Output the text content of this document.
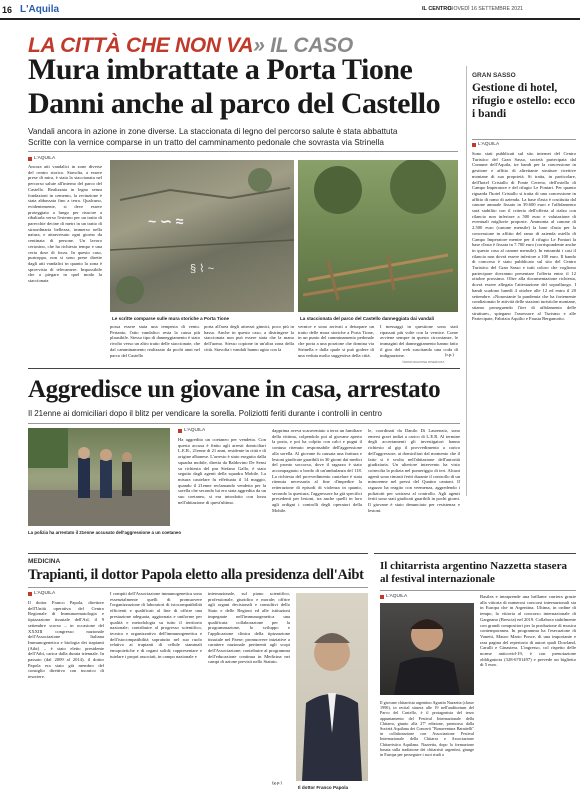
16 L'Aquila	IL CENTRO
GIOVEDÌ 16 SETTEMBRE 2021
LA CITTÀ CHE NON VA» IL CASO
Mura imbrattate a Porta Tione
Danni anche al parco del Castello
Vandali ancora in azione in zone diverse. La staccionata di legno del percorso salute è stata abbattuta
Scritte con la vernice comparse in un tratto del camminamento pedonale che sovrasta via Strinella
L'AQUILA
Ancora atti vandalici in zone diverse del centro storico. Stavolta, a essere prese di mira, è stata la staccionata nel percorso salute all'interno del parco del Castello. Realizzata in legno senza fondazioni in cemento, la recinzione è stata abbassata fino a terra. Qualcuno, evidentemente, si deve essere proteggiato a lungo per riuscire a ribaltarla verso l'esterno per un tratto di parecchie decine di metri in un tratto di straordinaria bellezza, immerso nella natura, e attraversato ogni giorno da centinaia di persone. Un lavoro certosino, che ha richiesto tempo e una certa dose di forza. In questo caso, purtroppo, non si sono prese dirette dagli atti vandalici in quanto la zona è sprovvista di telecamere. Impossibile che a piegare in quel modo la staccionata
~ ∽ ≈
§ ⌇ ~
Le scritte comparse sulle mura storiche a Porta Tione	La staccionata del parco del Castello danneggiata dai vandali
possa essere stata una tempesta di vento. Pertanto, l'atto vandalico resta la causa più plausibile. Stesso tipo di danneggiamento è stato rivolto verso un altro tratto delle staccionate, che dal camminamento realizzato da pochi anni nel parco del Castello
porta all'area degli attrezzi ginnici, poco più in basso. Anche in questo caso, a distringere la staccionata non può essere stata che la mano dell'uomo. Stesso copione in un'altra zona della città. Stavolta i vandali hanno agito con la
vernice e sono arrivati a deturpare un tratto delle mura storiche a Porta Tione, in un punto del camminamento pedonale che porta a una porzione che domina via Strinella e dalla quale si può godere di una veduta molto suggestiva della città.
I messaggi in questione sono stati ripassati più volte con la vernice. Come avviene sempre in questo circostanze, le immagini del danneggiamento hanno fatto il giro del web suscitando una coda di indignazione.	(r.p.)
©RIPRODUZIONE RISERVATA
GRAN SASSO
Gestione di hotel, rifugio e ostello: ecco i bandi
L'AQUILA
Sono stati pubblicati sul sito internet del Centro Turistico del Gran Sasso, società partecipata dal Comune dell'Aquila, tre bandi per la concessione in gestione e affitto di altrettante strutture ricettive montane di sua proprietà. Si tratta, in particolare, dell'hotel Cristallo di Fonte Cerreto, dell'ostello di Campo Imperatore e del rifugio Le Fontari. Per quanto riguarda l'hotel Cristallo si tratta di una concessione in affitto di ramo di azienda. La base d'asta è costituita dal canone annuale fissato in 39.600 euro e l'affidamento sarà stabilito con il criterio dell'offerta al rialzo con rilancio non inferiore a 500 euro e valutazione di eventuali migliorie proposte. Ammonta al canone di 2.500 euro (canone mensile) la base d'asta per la concessione in affitto del ramo di azienda ostello di Campo Imperatore mentre per il rifugio Le Fontari la base d'asta è fissata in 7.700 euro (corrispondente anche in questo caso al canone mensile). In entrambi i casi il rilancio non dovrà essere inferiore a 100 euro. Il bando di concorso è stato pubblicato sul sito del Centro Turistico del Gran Sasso e tutti coloro che vogliono partecipare dovranno presentare l'offerta entro il 12 ottobre prossimo. Oltre alla documentazione richiesta, dovrà essere allegata l'attestazione del sopralluogo. I bandi scadono lunedì 4 ottobre alle 12 ed entro il 20 settembre. «Nonostante la pandemia che ha fortemente condizionato le attività delle stazioni turistiche montane, stiamo proseguendo l'iter di affidamento delle strutture», spiegano l'assessore al Turismo e alle Partecipate, Fabrizia Aquilio e Fausta Bergamotto.
Aggredisce un giovane in casa, arrestato
Il 21enne ai domiciliari dopo il blitz per vendicare la sorella. Poliziotti feriti durante i controlli in centro
La polizia ha arrestato il 21enne accusato dell'aggressione a un coetaneo
L'AQUILA
Ha aggredito un coetaneo per vendetta. Con questa accusa è finito agli arresti domiciliari L.E.R., 21enne di 21 anni, residente in città e di origine albanese. L'arresto è stato eseguito dalla squadra mobile, diretta da Baldovino De Sensi su richiesta del pm Stefano Gallo, è stato seguito dagli agenti della squadra Mobile. La misura cautelare fu effettuata il 14 maggio, quando il 21enne reclamando vendetta per la sorella che secondo lui era stata aggredita da un suo coetaneo, si era introdotto con forza nell'abitazione di quest'ultimo.
dapprima aveva scaraventato a terra un familiare della vittima, colpendolo poi al giovane aperto la porta, e poi ha colpito con calci e pugni il contuso ritenuto responsabile dell'aggressione alla sorella. Al giovane fu causata una frattura e lesioni giudicate guaribili in 30 giorni dai medici del pronto soccorso, dove il ragazzo è stato accompagnato a bordo di un'ambulanza del 118. La richiesta del provvedimento cautelare è stata ritenuta necessaria al fine d'impedire la reiterazione di episodi di violenza in quanto, secondo la questura, l'aggressore ha già specifici precedenti per lesioni, tra anche quelli in loro agli ordigni i controlli degli operatori della Mobile.
le, coordinati da Danilo Di Laurenzio, sono emersi gravi indizi a carico di L.E.R. Al termine degli accertamenti gli investigatori hanno richiesto al gip il provvedimento a carico dell'aggressore, ai domiciliari dal momento che il fatto si è svolto nell'abitazione dell'autorità giudiziaria. Un ulteriore intervento ha visto coinvolta la polizia nel pomeriggio di ieri. Alcuni agenti sono rimasti feriti durante il controllo di un minorenne nel pressi del Quattro cantoni. Il ragazzo ha reagito con veemenza, aggredendo i poliziotti per sottrarsi al controllo. Agli agenti feriti sono stati giudicati guaribili in pochi giorni. Il giovane è stato denunciato per resistenza e lesioni.
MEDICINA
Trapianti, il dottor Papola eletto alla presidenza dell'Aibt
L'AQUILA
Il dottor Franco Papola, direttore dell'Unità operativa del Centro Regionale di Immunoematologia e tipizzazione tissutale dell'Asl, il 9 settembre scorso – in occasione del XXXIII congresso nazionale dell'Associazione Italiana Immunogenetica e biologia dei trapianti (Aibt) – è stato eletto presidente dell'Aibt, carica dalla durata triennale. In passato (dal 2009 al 2014), il dottor Papola era stato già membro del consiglio direttivo con incarico di tesoriere.
I compiti dell'Associazione immunogenetica sono essenzialmente quelli di promuovere l'organizzazione di laboratori di istocompatibilità efficienti e qualificati al fine di offrire una prestazione adeguata, aggiornata e uniforme per qualità e metodologia su tutto il territorio nazionale; contribuire al progresso scientifico, tecnico e organizzativo dell'immunogenetica e dell'istocompatibilità sopratutto nel suo ruolo relativo ai trapianti di cellule staminali emopoietiche e di organi solidi; rappresentare e tutelare i propri associati, in campo nazionale e
internazionale, sul piano scientifico, professionale, giuridico e morale; offrire agli organi decisionali e consultivi dello Stato e delle Regioni ed alle istituzioni impegnate nell'immunogenetica una qualificata collaborazione per la programmazione, lo sviluppo e l'applicazione clinica della tipizzazione tissutale nel Paese; promuovere iniziative a carattere nazionale pertinenti agli scopi dell'Associazione; contribuire al programma dell'educazione continua in Medicina nei campi di azione previsti nello Statuto.
(g.p.)
Il dottor Franco Papola
Il chitarrista argentino Nazzetta stasera al festival internazionale
L'AQUILA
Il giovane chitarrista argentino Agustín Nazzetta (classe 1990), in recital stasera alle 19 nell'auditorium del Parco del Castello, è il protagonista del terzo appuntamento del Festival Internazionale della Chitarra, giunto alla 27ª edizione, promosso dalla Società Aquilana dei Concerti "Bonaventura Barattelli" in collaborazione con Associazione Festival Internazionale della Chitarra e Associazione Chitarristica Aquilana. Nazzetta, dopo la formazione basata sulla tradizione dei chitarristi argentini, giunge in Europa per proseguire i suoi studi a
Basilea e intraprende una brillante carriera grazie alla vittoria di numerosi concorsi internazionali sia in Europa che in Argentina. Ultima, in ordine di tempo, la vittoria al concorso internazionale di Gargnano (Brescia) nel 2019. Collabora stabilmente con grandi compositori per la produzione di musica contemporanea. In programma ha l'esecuzione di Vanetti, Mauro Mario Ponce, di una importante e rara pagina del repertorio di autori quali Dowland, Carulli e Ginastera. L'ingresso, col rispetto delle norme anticovid-19, è con prenotazione obbligatoria (328-6701497) e prevede un biglietto di 5 euro.
